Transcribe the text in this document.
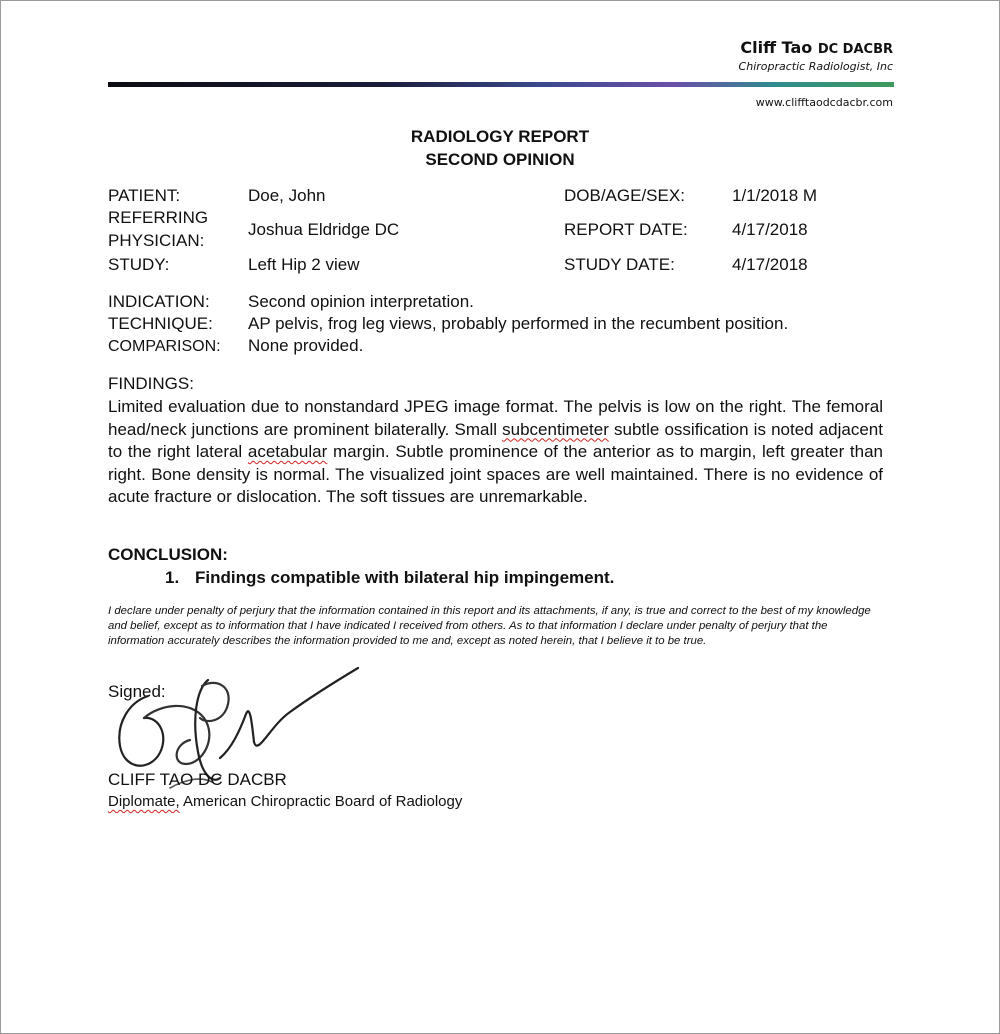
Cliff Tao DC DACBR
Chiropractic Radiologist, Inc
www.clifftaodcdacbr.com
RADIOLOGY REPORT
SECOND OPINION
PATIENT:	Doe, John	DOB/AGE/SEX:	1/1/2018 M
REFERRING
PHYSICIAN:
Joshua Eldridge DC	REPORT DATE:	4/17/2018
STUDY:	Left Hip 2 view	STUDY DATE:	4/17/2018
INDICATION: Second opinion interpretation.
TECHNIQUE: AP pelvis, frog leg views, probably performed in the recumbent position.
COMPARISON: None provided.
FINDINGS:
Limited evaluation due to nonstandard JPEG image format. The pelvis is low on the right. The femoral head/neck junctions are prominent bilaterally. Small subcentimeter subtle ossification is noted adjacent to the right lateral acetabular margin. Subtle prominence of the anterior as to margin, left greater than right. Bone density is normal. The visualized joint spaces are well maintained. There is no evidence of acute fracture or dislocation. The soft tissues are unremarkable.
CONCLUSION:
1. Findings compatible with bilateral hip impingement.
I declare under penalty of perjury that the information contained in this report and its attachments, if any, is true and correct to the best of my knowledge and belief, except as to information that I have indicated I received from others. As to that information I declare under penalty of perjury that the information accurately describes the information provided to me and, except as noted herein, that I believe it to be true.
Signed:
CLIFF TAO DC DACBR
Diplomate, American Chiropractic Board of Radiology
